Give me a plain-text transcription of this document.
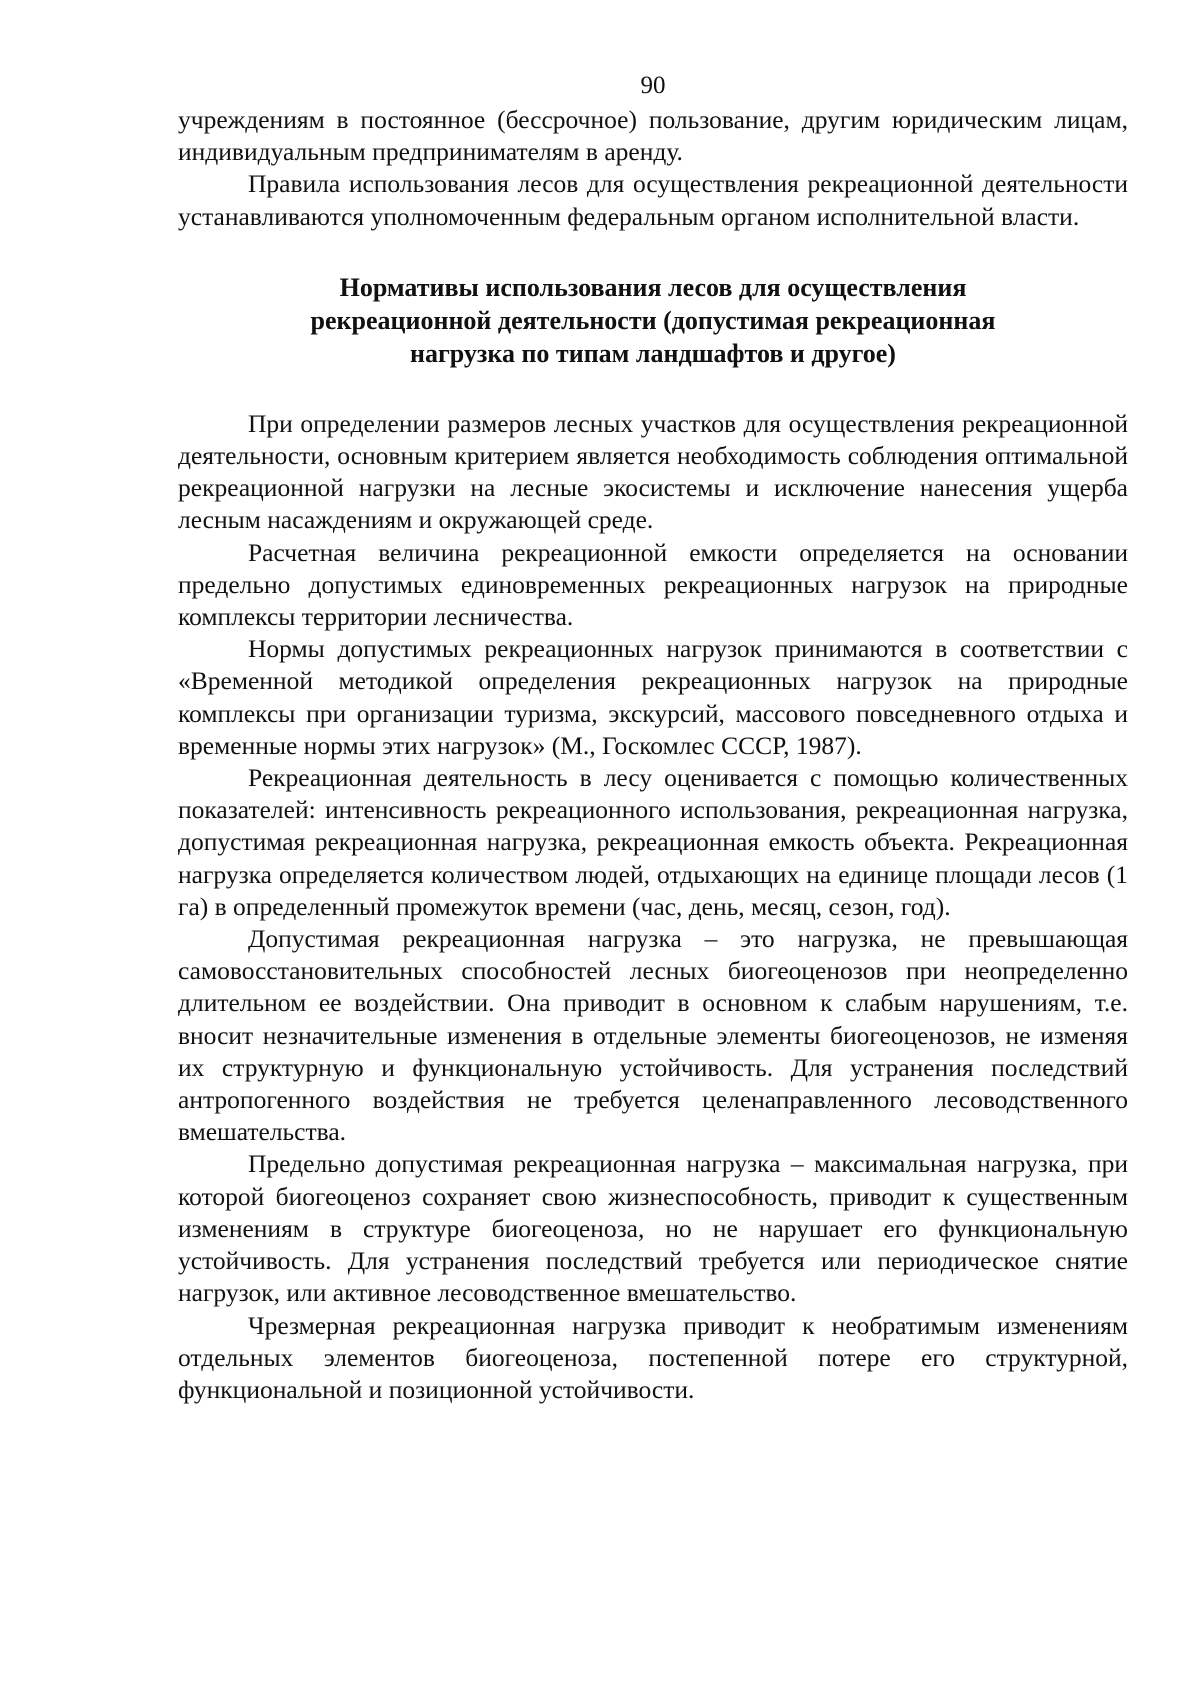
90

учреждениям в постоянное (бессрочное) пользование, другим юридическим лицам, индивидуальным предпринимателям в аренду.

Правила использования лесов для осуществления рекреационной деятельности устанавливаются уполномоченным федеральным органом исполнительной власти.

Нормативы использования лесов для осуществления
рекреационной деятельности (допустимая рекреационная
нагрузка по типам ландшафтов и другое)

При определении размеров лесных участков для осуществления рекреационной деятельности, основным критерием является необходимость соблюдения оптимальной рекреационной нагрузки на лесные экосистемы и исключение нанесения ущерба лесным насаждениям и окружающей среде.

Расчетная величина рекреационной емкости определяется на основании предельно допустимых единовременных рекреационных нагрузок на природные комплексы территории лесничества.

Нормы допустимых рекреационных нагрузок принимаются в соответствии с «Временной методикой определения рекреационных нагрузок на природные комплексы при организации туризма, экскурсий, массового повседневного отдыха и временные нормы этих нагрузок» (М., Госкомлес СССР, 1987).

Рекреационная деятельность в лесу оценивается с помощью количественных показателей: интенсивность рекреационного использования, рекреационная нагрузка, допустимая рекреационная нагрузка, рекреационная емкость объекта. Рекреационная нагрузка определяется количеством людей, отдыхающих на единице площади лесов (1 га) в определенный промежуток времени (час, день, месяц, сезон, год).

Допустимая рекреационная нагрузка – это нагрузка, не превышающая самовосстановительных способностей лесных биогеоценозов при неопределенно длительном ее воздействии. Она приводит в основном к слабым нарушениям, т.е. вносит незначительные изменения в отдельные элементы биогеоценозов, не изменяя их структурную и функциональную устойчивость. Для устранения последствий антропогенного воздействия не требуется целенаправленного лесоводственного вмешательства.

Предельно допустимая рекреационная нагрузка – максимальная нагрузка, при которой биогеоценоз сохраняет свою жизнеспособность, приводит к существенным изменениям в структуре биогеоценоза, но не нарушает его функциональную устойчивость. Для устранения последствий требуется или периодическое снятие нагрузок, или активное лесоводственное вмешательство.

Чрезмерная рекреационная нагрузка приводит к необратимым изменениям отдельных элементов биогеоценоза, постепенной потере его структурной, функциональной и позиционной устойчивости.
